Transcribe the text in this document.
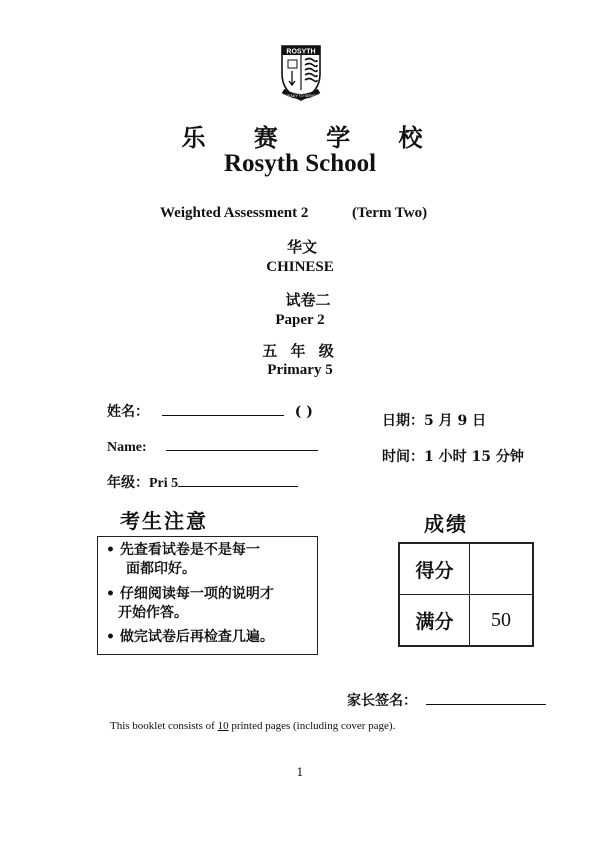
ROSYTH
READY TO SERVE
乐 赛 学 校
Rosyth School
Weighted Assessment 2	(Term Two)
华文
CHINESE
试卷二
Paper 2
五 年 级
Primary 5
姓名：	( )
Name:
年级：Pri 5
日期：5 月 9 日
时间：1 小时 15 分钟
考生注意
• 先查看试卷是不是每一
面都印好。
• 仔细阅读每一项的说明才
开始作答。
• 做完试卷后再检查几遍。
成绩
得分	
满分	50
家长签名：
This booklet consists of 10 printed pages (including cover page).
1
